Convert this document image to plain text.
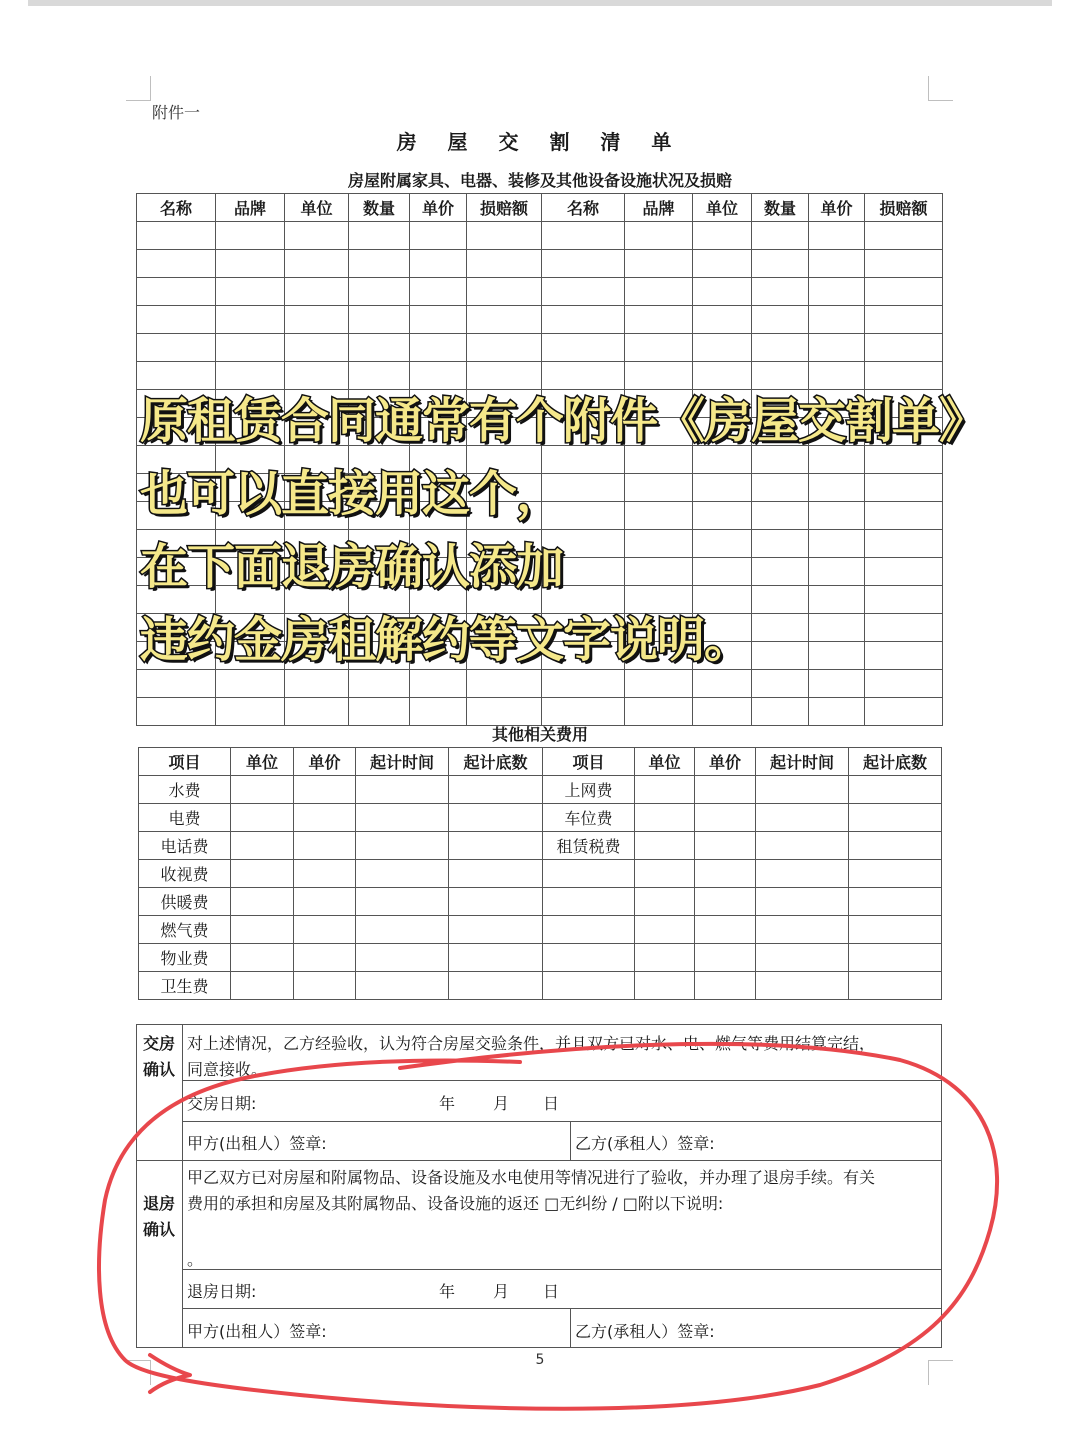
附件一
房 屋 交 割 清 单
房屋附属家具、电器、装修及其他设备设施状况及损赔
名称	品牌	单位	数量	单价	损赔额	名称	品牌	单位	数量	单价	损赔额

原租赁合同通常有个附件《房屋交割单》
也可以直接用这个，
在下面退房确认添加
违约金房租解约等文字说明。
其他相关费用
项目	单位	单价	起计时间	起计底数	项目	单位	单价	起计时间	起计底数
水费					上网费				
电费					车位费				
电话费					租赁税费				
收视费									
供暖费									
燃气费									
物业费									
卫生费									
交房
确认
对上述情况，乙方经验收，认为符合房屋交验条件，并且双方已对水、电、燃气等费用结算完结，
同意接收。
交房日期:	年 月 日
甲方(出租人）签章:	乙方(承租人）签章:
退房
确认
甲乙双方已对房屋和附属物品、设备设施及水电使用等情况进行了验收，并办理了退房手续。有关
费用的承担和房屋及其附属物品、设备设施的返还 □无纠纷 / □附以下说明:
。
退房日期:	年 月 日
甲方(出租人）签章:	乙方(承租人）签章:
5
